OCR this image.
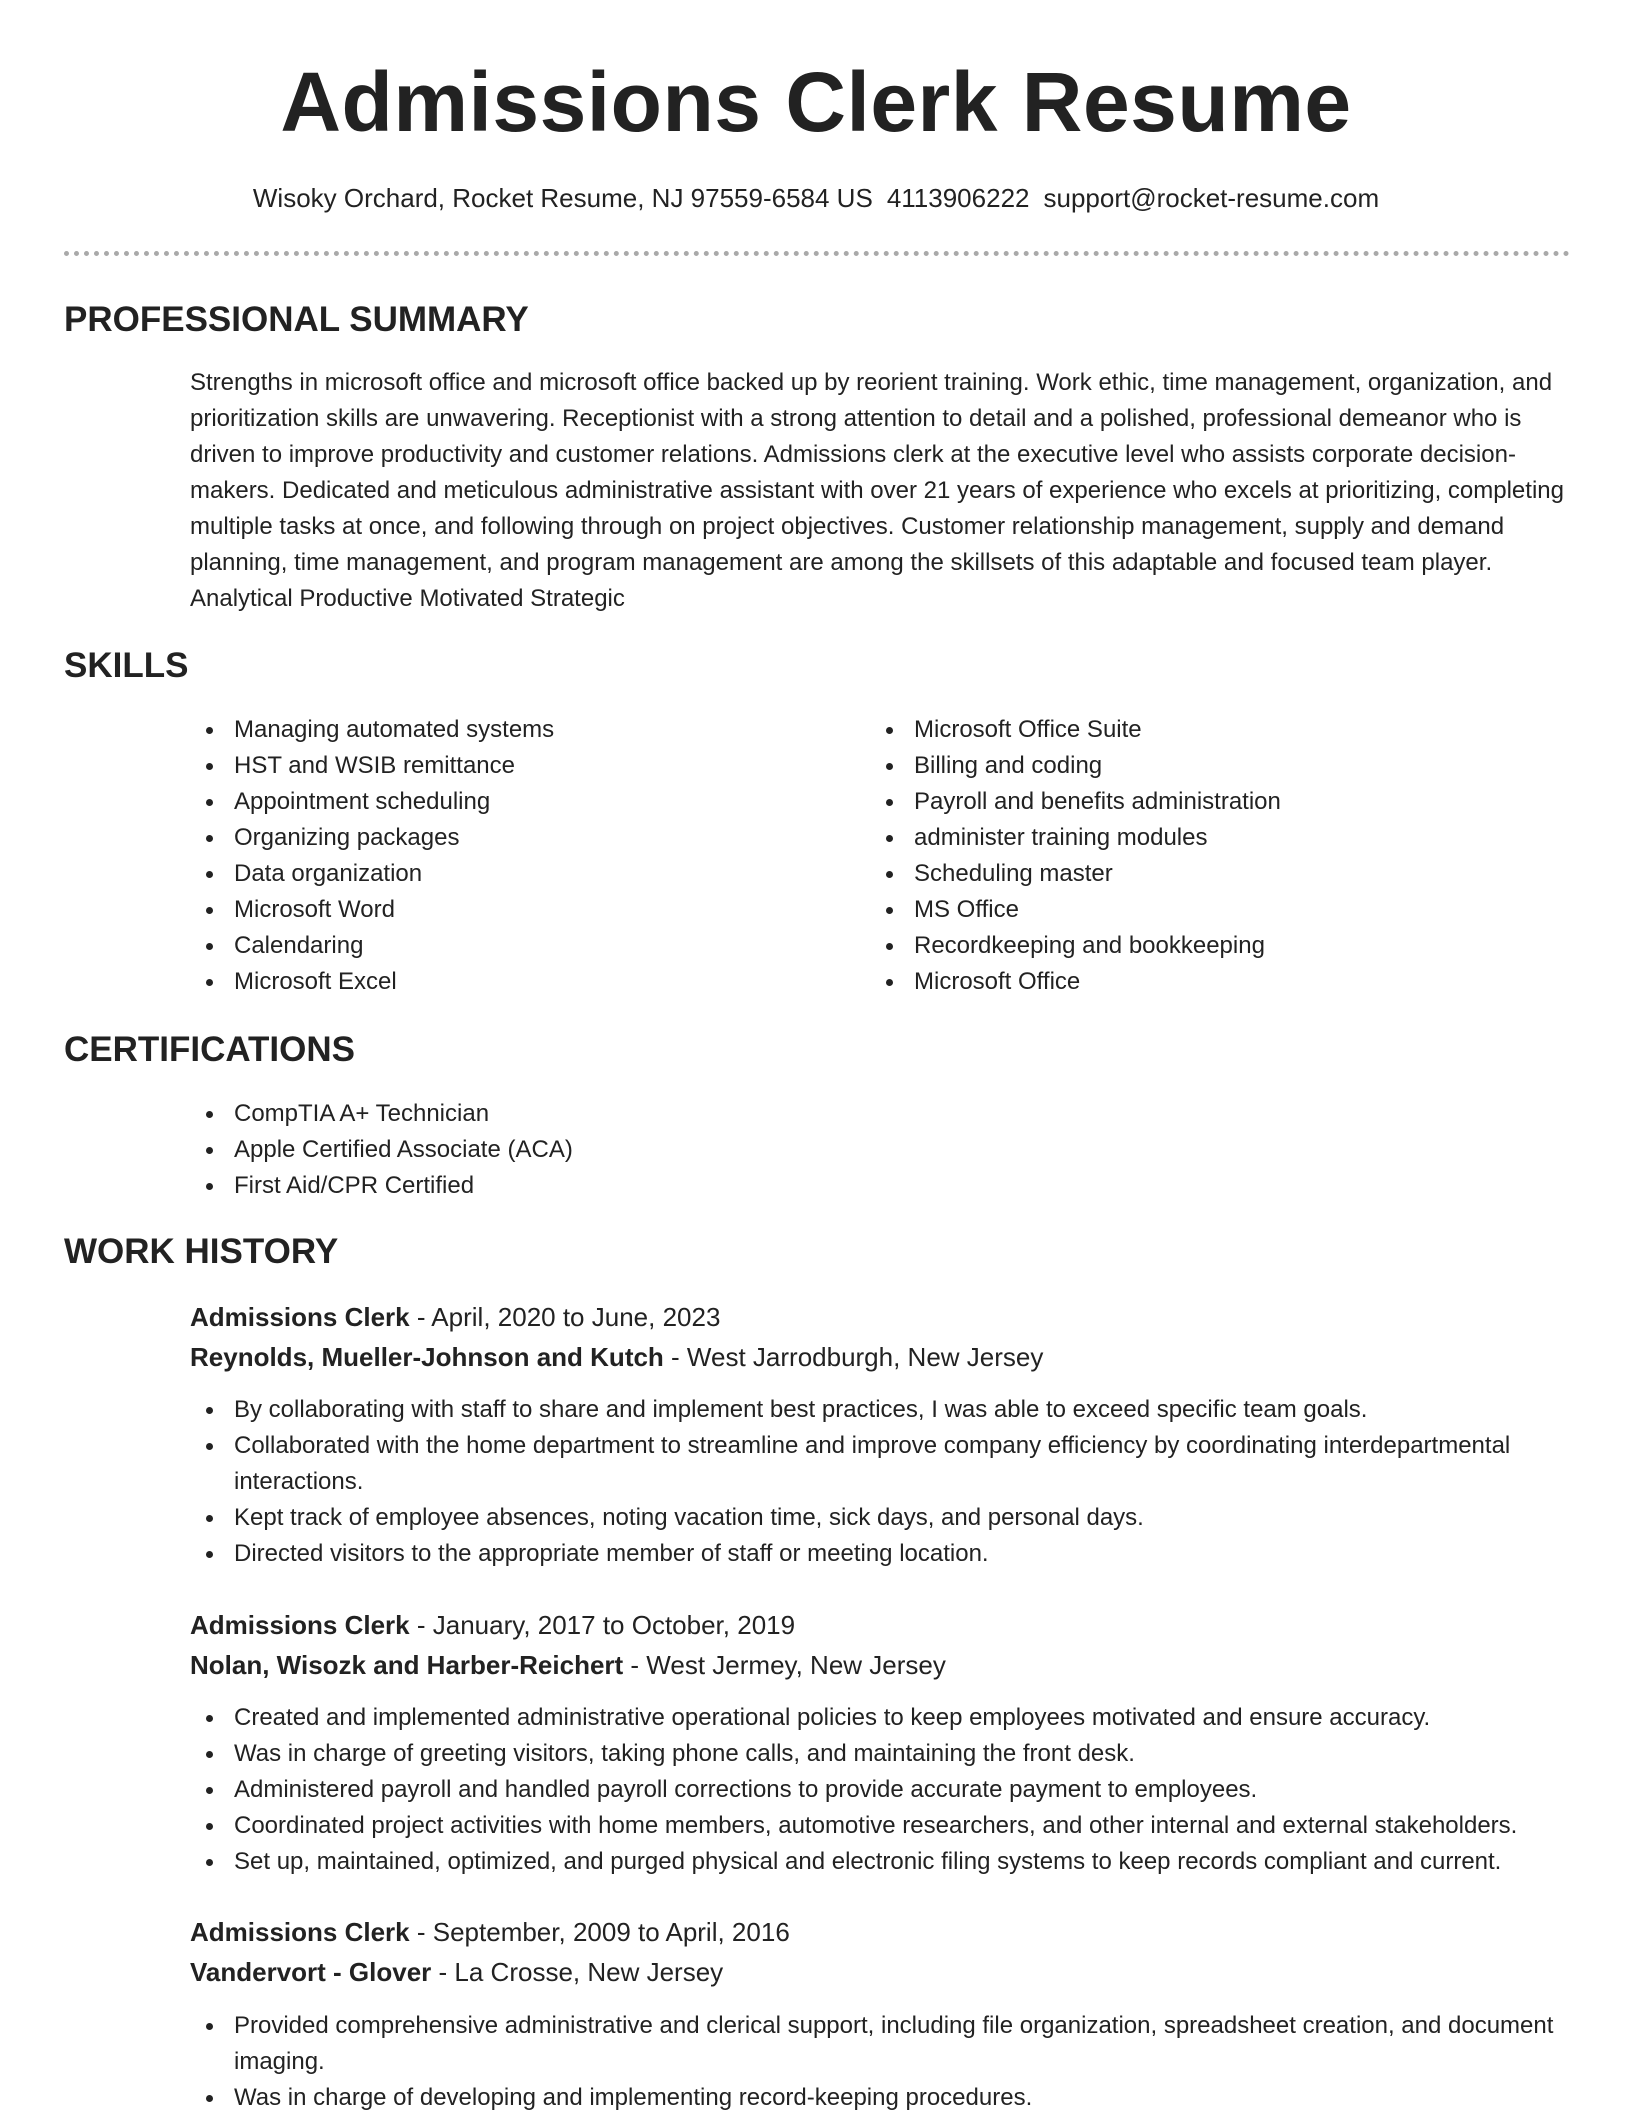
Admissions Clerk Resume
Wisoky Orchard, Rocket Resume, NJ 97559-6584 US 4113906222 support@rocket-resume.com
PROFESSIONAL SUMMARY

Strengths in microsoft office and microsoft office backed up by reorient training. Work ethic, time management, organization, and prioritization skills are unwavering. Receptionist with a strong attention to detail and a polished, professional demeanor who is driven to improve productivity and customer relations. Admissions clerk at the executive level who assists corporate decision-makers. Dedicated and meticulous administrative assistant with over 21 years of experience who excels at prioritizing, completing multiple tasks at once, and following through on project objectives. Customer relationship management, supply and demand planning, time management, and program management are among the skillsets of this adaptable and focused team player. Analytical Productive Motivated Strategic

SKILLS
Managing automated systems
HST and WSIB remittance
Appointment scheduling
Organizing packages
Data organization
Microsoft Word
Calendaring
Microsoft Excel
Microsoft Office Suite
Billing and coding
Payroll and benefits administration
administer training modules
Scheduling master
MS Office
Recordkeeping and bookkeeping
Microsoft Office
CERTIFICATIONS
CompTIA A+ Technician
Apple Certified Associate (ACA)
First Aid/CPR Certified
WORK HISTORY
Admissions Clerk - April, 2020 to June, 2023
Reynolds, Mueller-Johnson and Kutch - West Jarrodburgh, New Jersey
By collaborating with staff to share and implement best practices, I was able to exceed specific team goals.
Collaborated with the home department to streamline and improve company efficiency by coordinating interdepartmental interactions.
Kept track of employee absences, noting vacation time, sick days, and personal days.
Directed visitors to the appropriate member of staff or meeting location.
Admissions Clerk - January, 2017 to October, 2019
Nolan, Wisozk and Harber-Reichert - West Jermey, New Jersey
Created and implemented administrative operational policies to keep employees motivated and ensure accuracy.
Was in charge of greeting visitors, taking phone calls, and maintaining the front desk.
Administered payroll and handled payroll corrections to provide accurate payment to employees.
Coordinated project activities with home members, automotive researchers, and other internal and external stakeholders.
Set up, maintained, optimized, and purged physical and electronic filing systems to keep records compliant and current.
Admissions Clerk - September, 2009 to April, 2016
Vandervort - Glover - La Crosse, New Jersey
Provided comprehensive administrative and clerical support, including file organization, spreadsheet creation, and document imaging.
Was in charge of developing and implementing record-keeping procedures.
